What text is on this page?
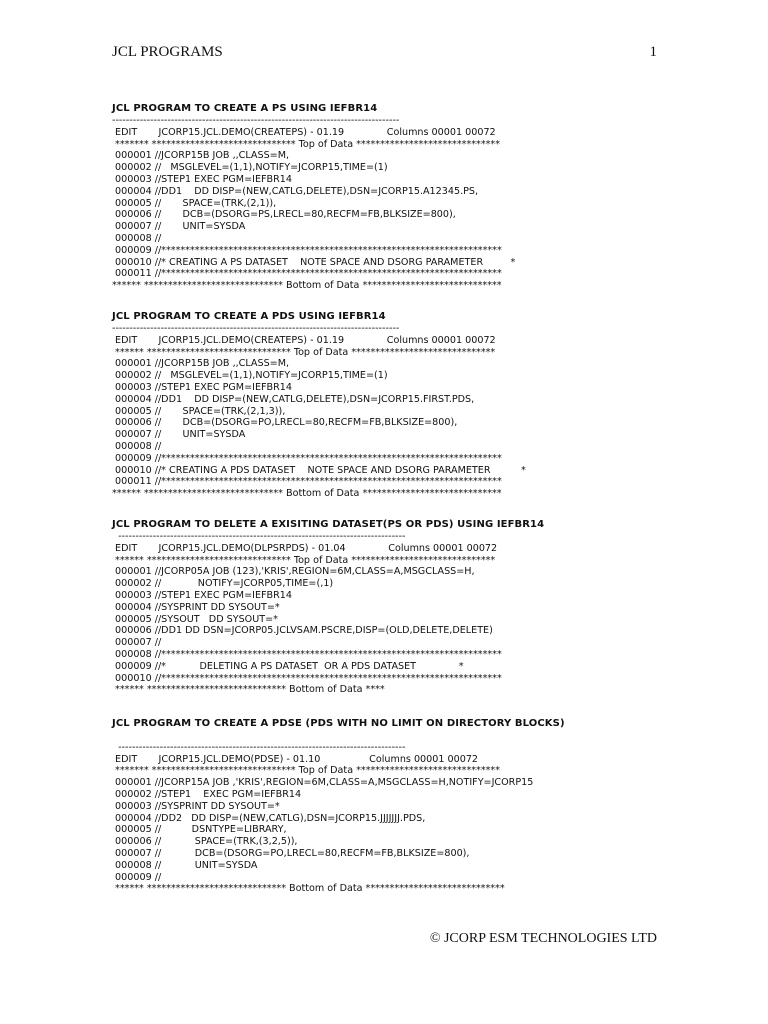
JCL PROGRAMS	1
JCL PROGRAM TO CREATE A PS USING IEFBR14
-----------------------------------------------------------------------------------
EDIT       JCORP15.JCL.DEMO(CREATEPS) - 01.19              Columns 00001 00072
******* ****************************** Top of Data ******************************
000001 //JCORP15B JOB ,,CLASS=M,
000002 //   MSGLEVEL=(1,1),NOTIFY=JCORP15,TIME=(1)
000003 //STEP1 EXEC PGM=IEFBR14
000004 //DD1    DD DISP=(NEW,CATLG,DELETE),DSN=JCORP15.A12345.PS,
000005 //       SPACE=(TRK,(2,1)),
000006 //       DCB=(DSORG=PS,LRECL=80,RECFM=FB,BLKSIZE=800),
000007 //       UNIT=SYSDA
000008 //
000009 //***********************************************************************
000010 //* CREATING A PS DATASET    NOTE SPACE AND DSORG PARAMETER         *
000011 //***********************************************************************
****** ***************************** Bottom of Data *****************************
JCL PROGRAM TO CREATE A PDS USING IEFBR14
-----------------------------------------------------------------------------------
EDIT       JCORP15.JCL.DEMO(CREATEPS) - 01.19              Columns 00001 00072
****** ****************************** Top of Data ******************************
000001 //JCORP15B JOB ,,CLASS=M,
000002 //   MSGLEVEL=(1,1),NOTIFY=JCORP15,TIME=(1)
000003 //STEP1 EXEC PGM=IEFBR14
000004 //DD1    DD DISP=(NEW,CATLG,DELETE),DSN=JCORP15.FIRST.PDS,
000005 //       SPACE=(TRK,(2,1,3)),
000006 //       DCB=(DSORG=PO,LRECL=80,RECFM=FB,BLKSIZE=800),
000007 //       UNIT=SYSDA
000008 //
000009 //***********************************************************************
000010 //* CREATING A PDS DATASET    NOTE SPACE AND DSORG PARAMETER          *
000011 //***********************************************************************
****** ***************************** Bottom of Data *****************************
JCL PROGRAM TO DELETE A EXISITING DATASET(PS OR PDS) USING IEFBR14
-----------------------------------------------------------------------------------
EDIT       JCORP15.JCL.DEMO(DLPSRPDS) - 01.04              Columns 00001 00072
****** ****************************** Top of Data ******************************
000001 //JCORP05A JOB (123),'KRIS',REGION=6M,CLASS=A,MSGCLASS=H,
000002 //            NOTIFY=JCORP05,TIME=(,1)
000003 //STEP1 EXEC PGM=IEFBR14
000004 //SYSPRINT DD SYSOUT=*
000005 //SYSOUT   DD SYSOUT=*
000006 //DD1 DD DSN=JCORP05.JCLVSAM.PSCRE,DISP=(OLD,DELETE,DELETE)
000007 //
000008 //***********************************************************************
000009 //*           DELETING A PS DATASET  OR A PDS DATASET              *
000010 //***********************************************************************
****** ***************************** Bottom of Data ****
JCL PROGRAM TO CREATE A PDSE (PDS WITH NO LIMIT ON DIRECTORY BLOCKS)
-----------------------------------------------------------------------------------
EDIT       JCORP15.JCL.DEMO(PDSE) - 01.10                Columns 00001 00072
******* ****************************** Top of Data ******************************
000001 //JCORP15A JOB ,'KRIS',REGION=6M,CLASS=A,MSGCLASS=H,NOTIFY=JCORP15
000002 //STEP1    EXEC PGM=IEFBR14
000003 //SYSPRINT DD SYSOUT=*
000004 //DD2   DD DISP=(NEW,CATLG),DSN=JCORP15.JJJJJJJ.PDS,
000005 //          DSNTYPE=LIBRARY,
000006 //           SPACE=(TRK,(3,2,5)),
000007 //           DCB=(DSORG=PO,LRECL=80,RECFM=FB,BLKSIZE=800),
000008 //           UNIT=SYSDA
000009 //
****** ***************************** Bottom of Data *****************************
© JCORP ESM TECHNOLOGIES LTD
